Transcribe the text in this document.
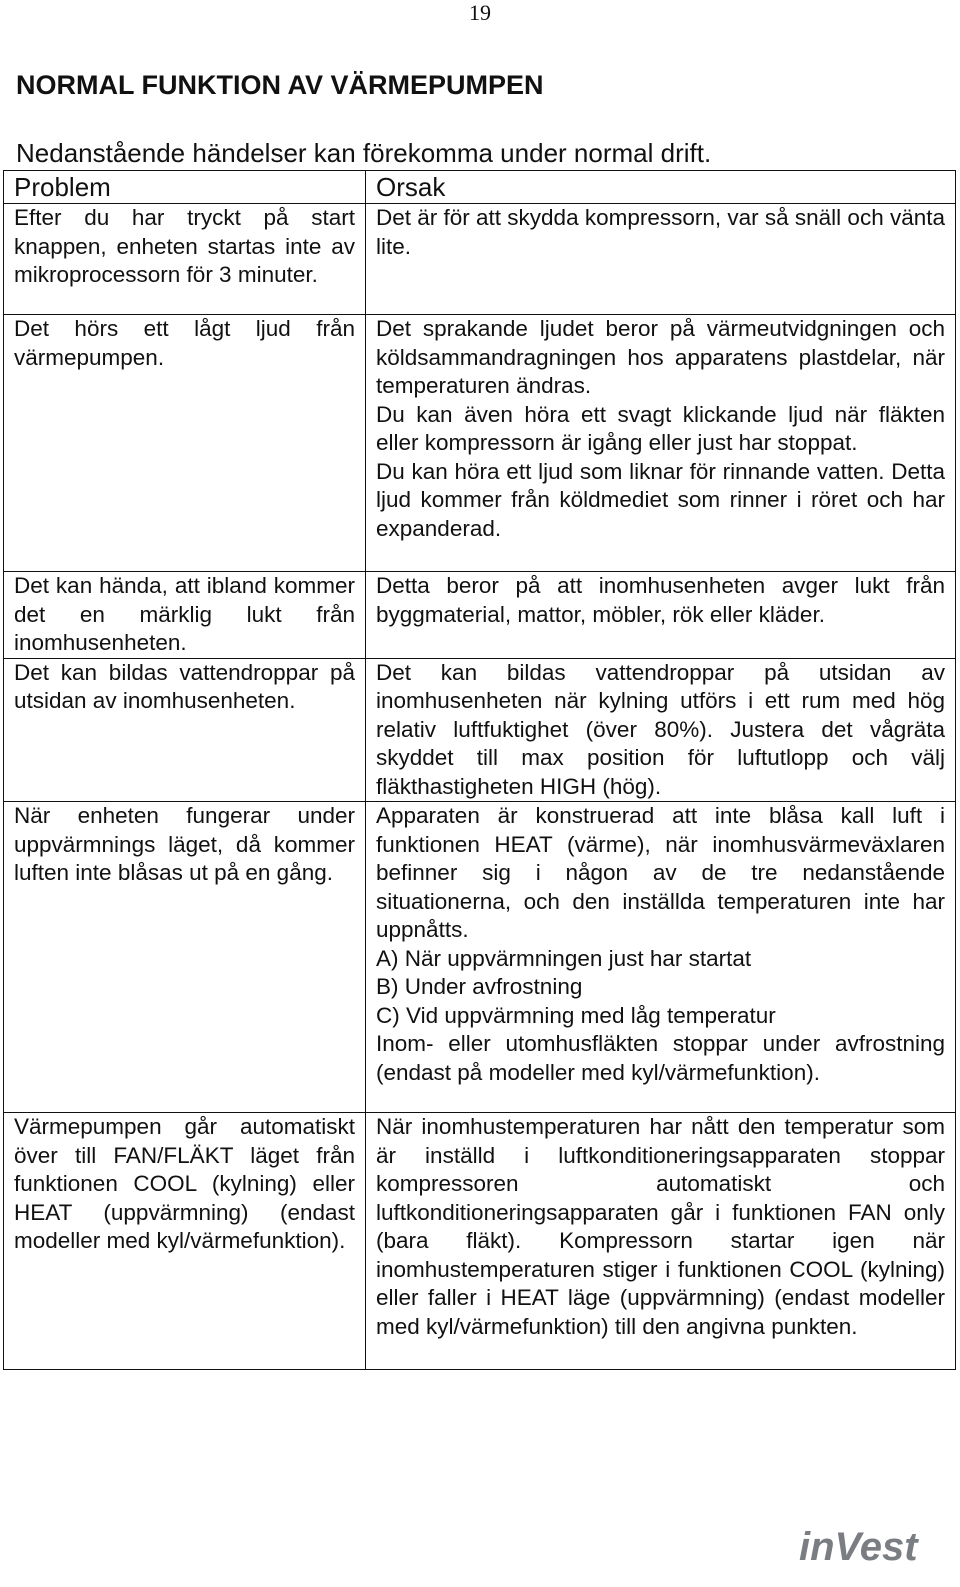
19
NORMAL FUNKTION AV VÄRMEPUMPEN

Nedanstående händelser kan förekomma under normal drift.

Problem	Orsak
Efter du har tryckt på start knappen, enheten startas inte av mikroprocessorn för 3 minuter.	Det är för att skydda kompressorn, var så snäll och vänta lite.

Det hörs ett lågt ljud från värmepumpen.	Det sprakande ljudet beror på värmeutvidgningen och köldsammandragningen hos apparatens plastdelar, när temperaturen ändras.
Du kan även höra ett svagt klickande ljud när fläkten eller kompressorn är igång eller just har stoppat.
Du kan höra ett ljud som liknar för rinnande vatten. Detta ljud kommer från köldmediet som rinner i röret och har expanderad.

Det kan hända, att ibland kommer det en märklig lukt från inomhusenheten.	Detta beror på att inomhusenheten avger lukt från byggmaterial, mattor, möbler, rök eller kläder.

Det kan bildas vattendroppar på utsidan av inomhusenheten.	Det kan bildas vattendroppar på utsidan av inomhusenheten när kylning utförs i ett rum med hög relativ luftfuktighet (över 80%). Justera det vågräta skyddet till max position för luftutlopp och välj fläkthastigheten HIGH (hög).

När enheten fungerar under uppvärmnings läget, då kommer luften inte blåsas ut på en gång.	Apparaten är konstruerad att inte blåsa kall luft i funktionen HEAT (värme), när inomhusvärmeväxlaren befinner sig i någon av de tre nedanstående situationerna, och den inställda temperaturen inte har uppnåtts.
A) När uppvärmningen just har startat
B) Under avfrostning
C) Vid uppvärmning med låg temperatur
Inom- eller utomhusfläkten stoppar under avfrostning (endast på modeller med kyl/värmefunktion).

Värmepumpen går automatiskt över till FAN/FLÄKT läget från funktionen COOL (kylning) eller HEAT (uppvärmning) (endast modeller med kyl/värmefunktion).	När inomhustemperaturen har nått den temperatur som är inställd i luftkonditioneringsapparaten stoppar kompressoren automatiskt och luftkonditioneringsapparaten går i funktionen FAN only (bara fläkt). Kompressorn startar igen när inomhustemperaturen stiger i funktionen COOL (kylning) eller faller i HEAT läge (uppvärmning) (endast modeller med kyl/värmefunktion) till den angivna punkten.
inVest
